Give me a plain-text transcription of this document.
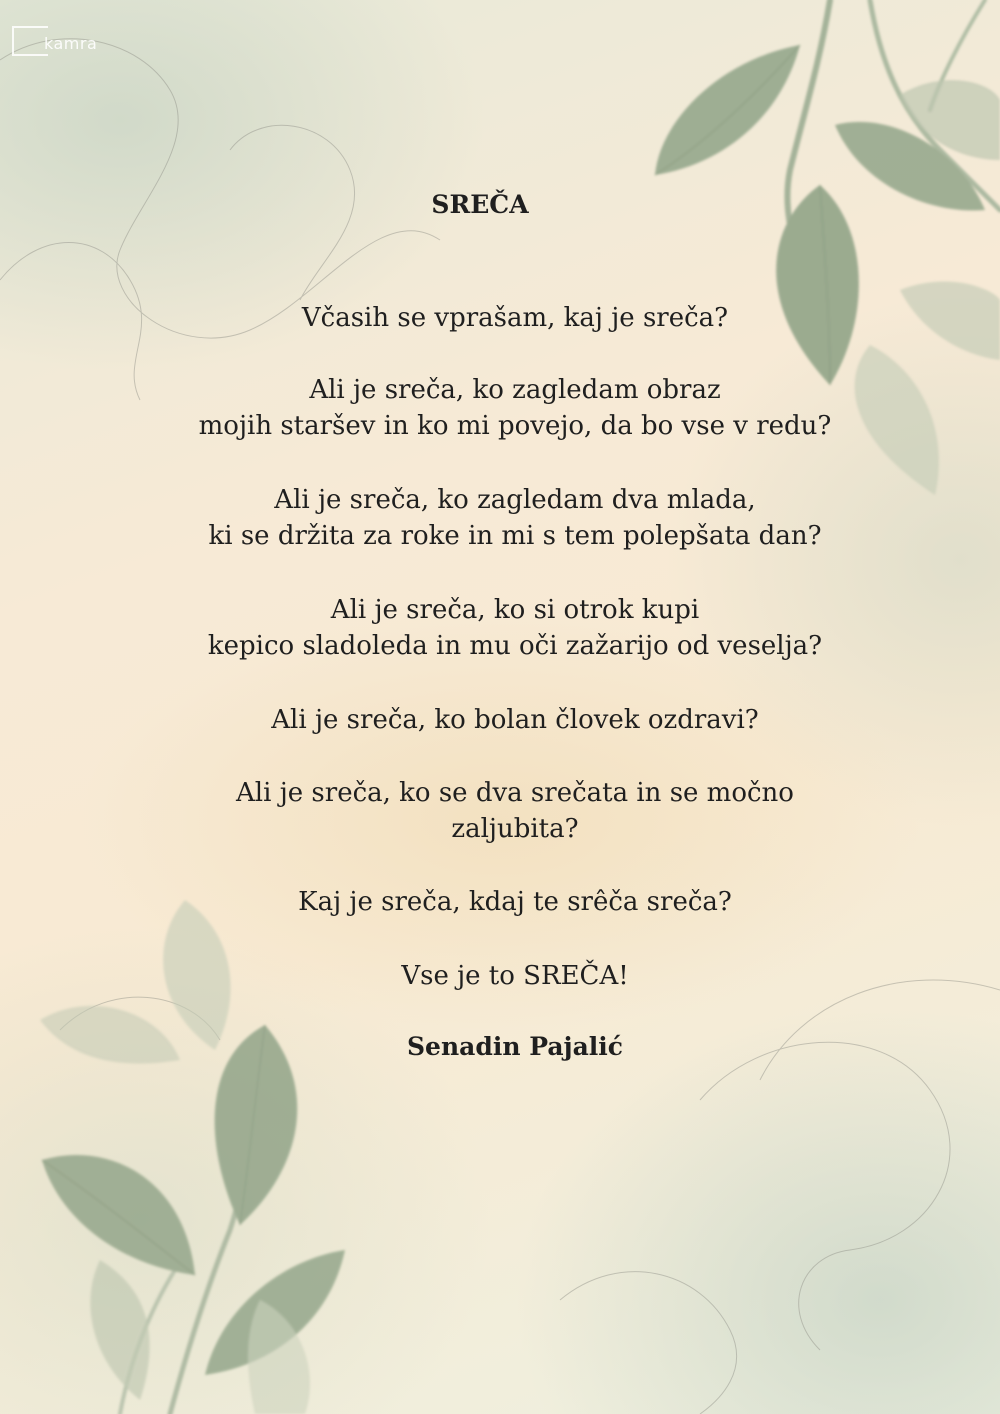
kamra
SREČA

Včasih se vprašam, kaj je sreča?

Ali je sreča, ko zagledam obraz
mojih staršev in ko mi povejo, da bo vse v redu?

Ali je sreča, ko zagledam dva mlada,
ki se držita za roke in mi s tem polepšata dan?

Ali je sreča, ko si otrok kupi
kepico sladoleda in mu oči zažarijo od veselja?

Ali je sreča, ko bolan človek ozdravi?

Ali je sreča, ko se dva srečata in se močno
zaljubita?

Kaj je sreča, kdaj te srêča sreča?

Vse je to SREČA!

Senadin Pajalić
